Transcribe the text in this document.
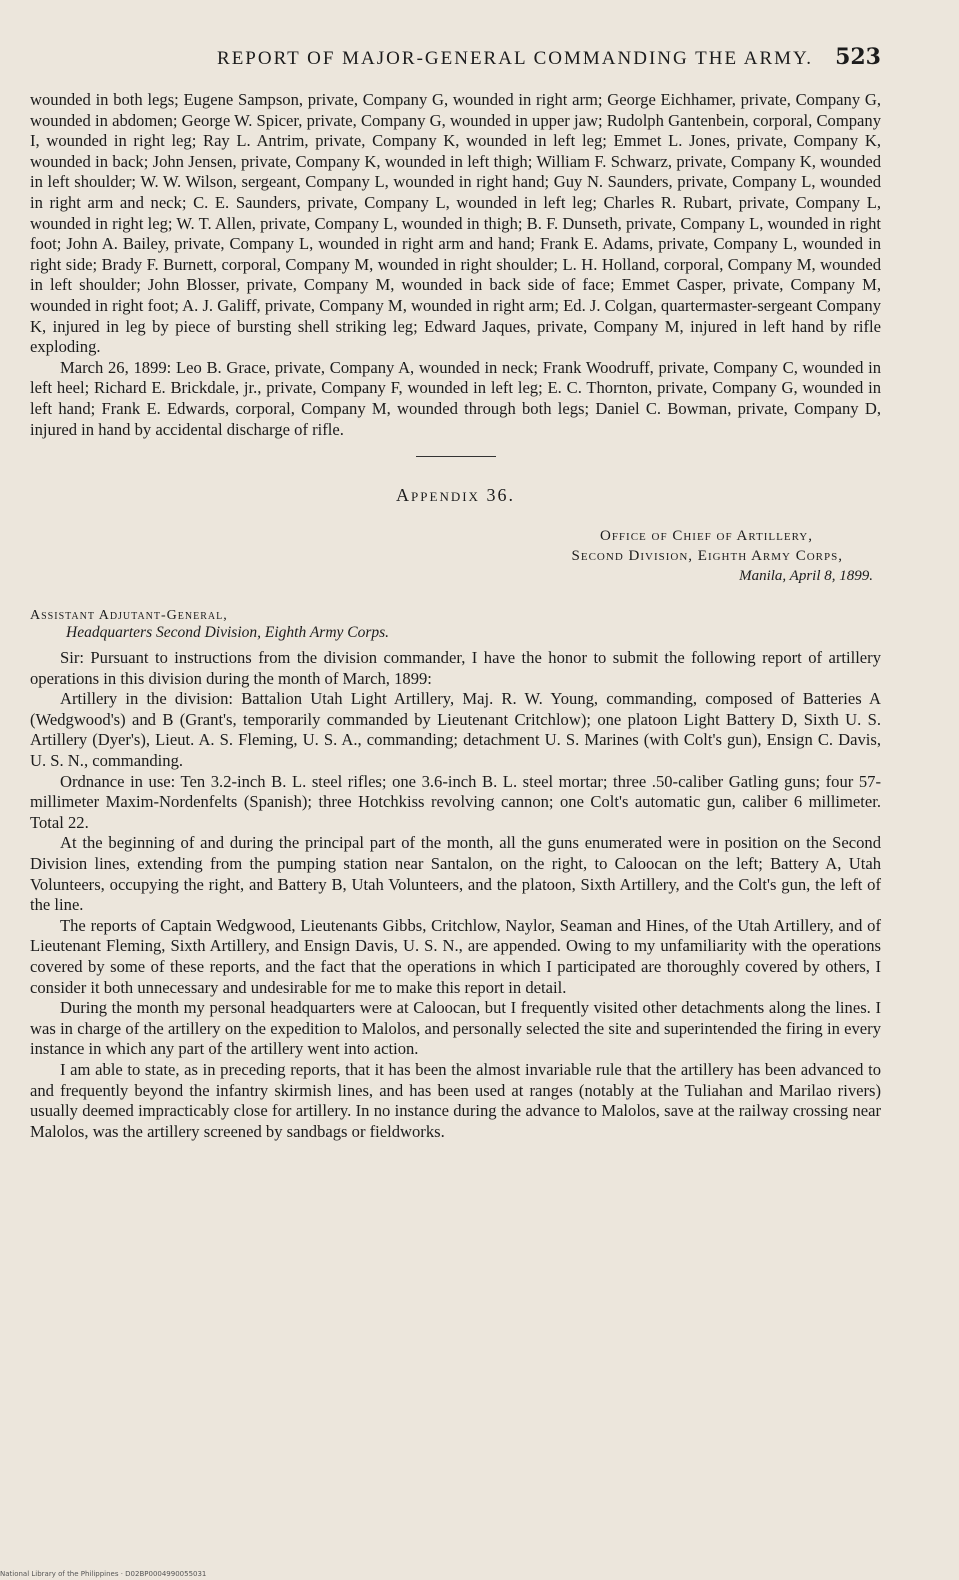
REPORT OF MAJOR-GENERAL COMMANDING THE ARMY. 523

wounded in both legs; Eugene Sampson, private, Company G, wounded in right arm; George Eichhamer, private, Company G, wounded in abdomen; George W. Spicer, private, Company G, wounded in upper jaw; Rudolph Gantenbein, corporal, Company I, wounded in right leg; Ray L. Antrim, private, Company K, wounded in left leg; Emmet L. Jones, private, Company K, wounded in back; John Jensen, private, Company K, wounded in left thigh; William F. Schwarz, private, Company K, wounded in left shoulder; W. W. Wilson, sergeant, Company L, wounded in right hand; Guy N. Saunders, private, Company L, wounded in right arm and neck; C. E. Saunders, private, Company L, wounded in left leg; Charles R. Rubart, private, Company L, wounded in right leg; W. T. Allen, private, Company L, wounded in thigh; B. F. Dunseth, private, Company L, wounded in right foot; John A. Bailey, private, Company L, wounded in right arm and hand; Frank E. Adams, private, Company L, wounded in right side; Brady F. Burnett, corporal, Company M, wounded in right shoulder; L. H. Holland, corporal, Company M, wounded in left shoulder; John Blosser, private, Company M, wounded in back side of face; Emmet Casper, private, Company M, wounded in right foot; A. J. Galiff, private, Company M, wounded in right arm; Ed. J. Colgan, quartermaster-sergeant Company K, injured in leg by piece of bursting shell striking leg; Edward Jaques, private, Company M, injured in left hand by rifle exploding.

March 26, 1899: Leo B. Grace, private, Company A, wounded in neck; Frank Woodruff, private, Company C, wounded in left heel; Richard E. Brickdale, jr., private, Company F, wounded in left leg; E. C. Thornton, private, Company G, wounded in left hand; Frank E. Edwards, corporal, Company M, wounded through both legs; Daniel C. Bowman, private, Company D, injured in hand by accidental discharge of rifle.

Appendix 36.
Office of Chief of Artillery,
Second Division, Eighth Army Corps,
Manila, April 8, 1899.
Assistant Adjutant-General,
Headquarters Second Division, Eighth Army Corps.

Sir: Pursuant to instructions from the division commander, I have the honor to submit the following report of artillery operations in this division during the month of March, 1899:

Artillery in the division: Battalion Utah Light Artillery, Maj. R. W. Young, commanding, composed of Batteries A (Wedgwood's) and B (Grant's, temporarily commanded by Lieutenant Critchlow); one platoon Light Battery D, Sixth U. S. Artillery (Dyer's), Lieut. A. S. Fleming, U. S. A., commanding; detachment U. S. Marines (with Colt's gun), Ensign C. Davis, U. S. N., commanding.

Ordnance in use: Ten 3.2-inch B. L. steel rifles; one 3.6-inch B. L. steel mortar; three .50-caliber Gatling guns; four 57-millimeter Maxim-Nordenfelts (Spanish); three Hotchkiss revolving cannon; one Colt's automatic gun, caliber 6 millimeter. Total 22.

At the beginning of and during the principal part of the month, all the guns enumerated were in position on the Second Division lines, extending from the pumping station near Santalon, on the right, to Caloocan on the left; Battery A, Utah Volunteers, occupying the right, and Battery B, Utah Volunteers, and the platoon, Sixth Artillery, and the Colt's gun, the left of the line.

The reports of Captain Wedgwood, Lieutenants Gibbs, Critchlow, Naylor, Seaman and Hines, of the Utah Artillery, and of Lieutenant Fleming, Sixth Artillery, and Ensign Davis, U. S. N., are appended. Owing to my unfamiliarity with the operations covered by some of these reports, and the fact that the operations in which I participated are thoroughly covered by others, I consider it both unnecessary and undesirable for me to make this report in detail.

During the month my personal headquarters were at Caloocan, but I frequently visited other detachments along the lines. I was in charge of the artillery on the expedition to Malolos, and personally selected the site and superintended the firing in every instance in which any part of the artillery went into action.

I am able to state, as in preceding reports, that it has been the almost invariable rule that the artillery has been advanced to and frequently beyond the infantry skirmish lines, and has been used at ranges (notably at the Tuliahan and Marilao rivers) usually deemed impracticably close for artillery. In no instance during the advance to Malolos, save at the railway crossing near Malolos, was the artillery screened by sandbags or fieldworks.

National Library of the Philippines · D02BP0004990055031
